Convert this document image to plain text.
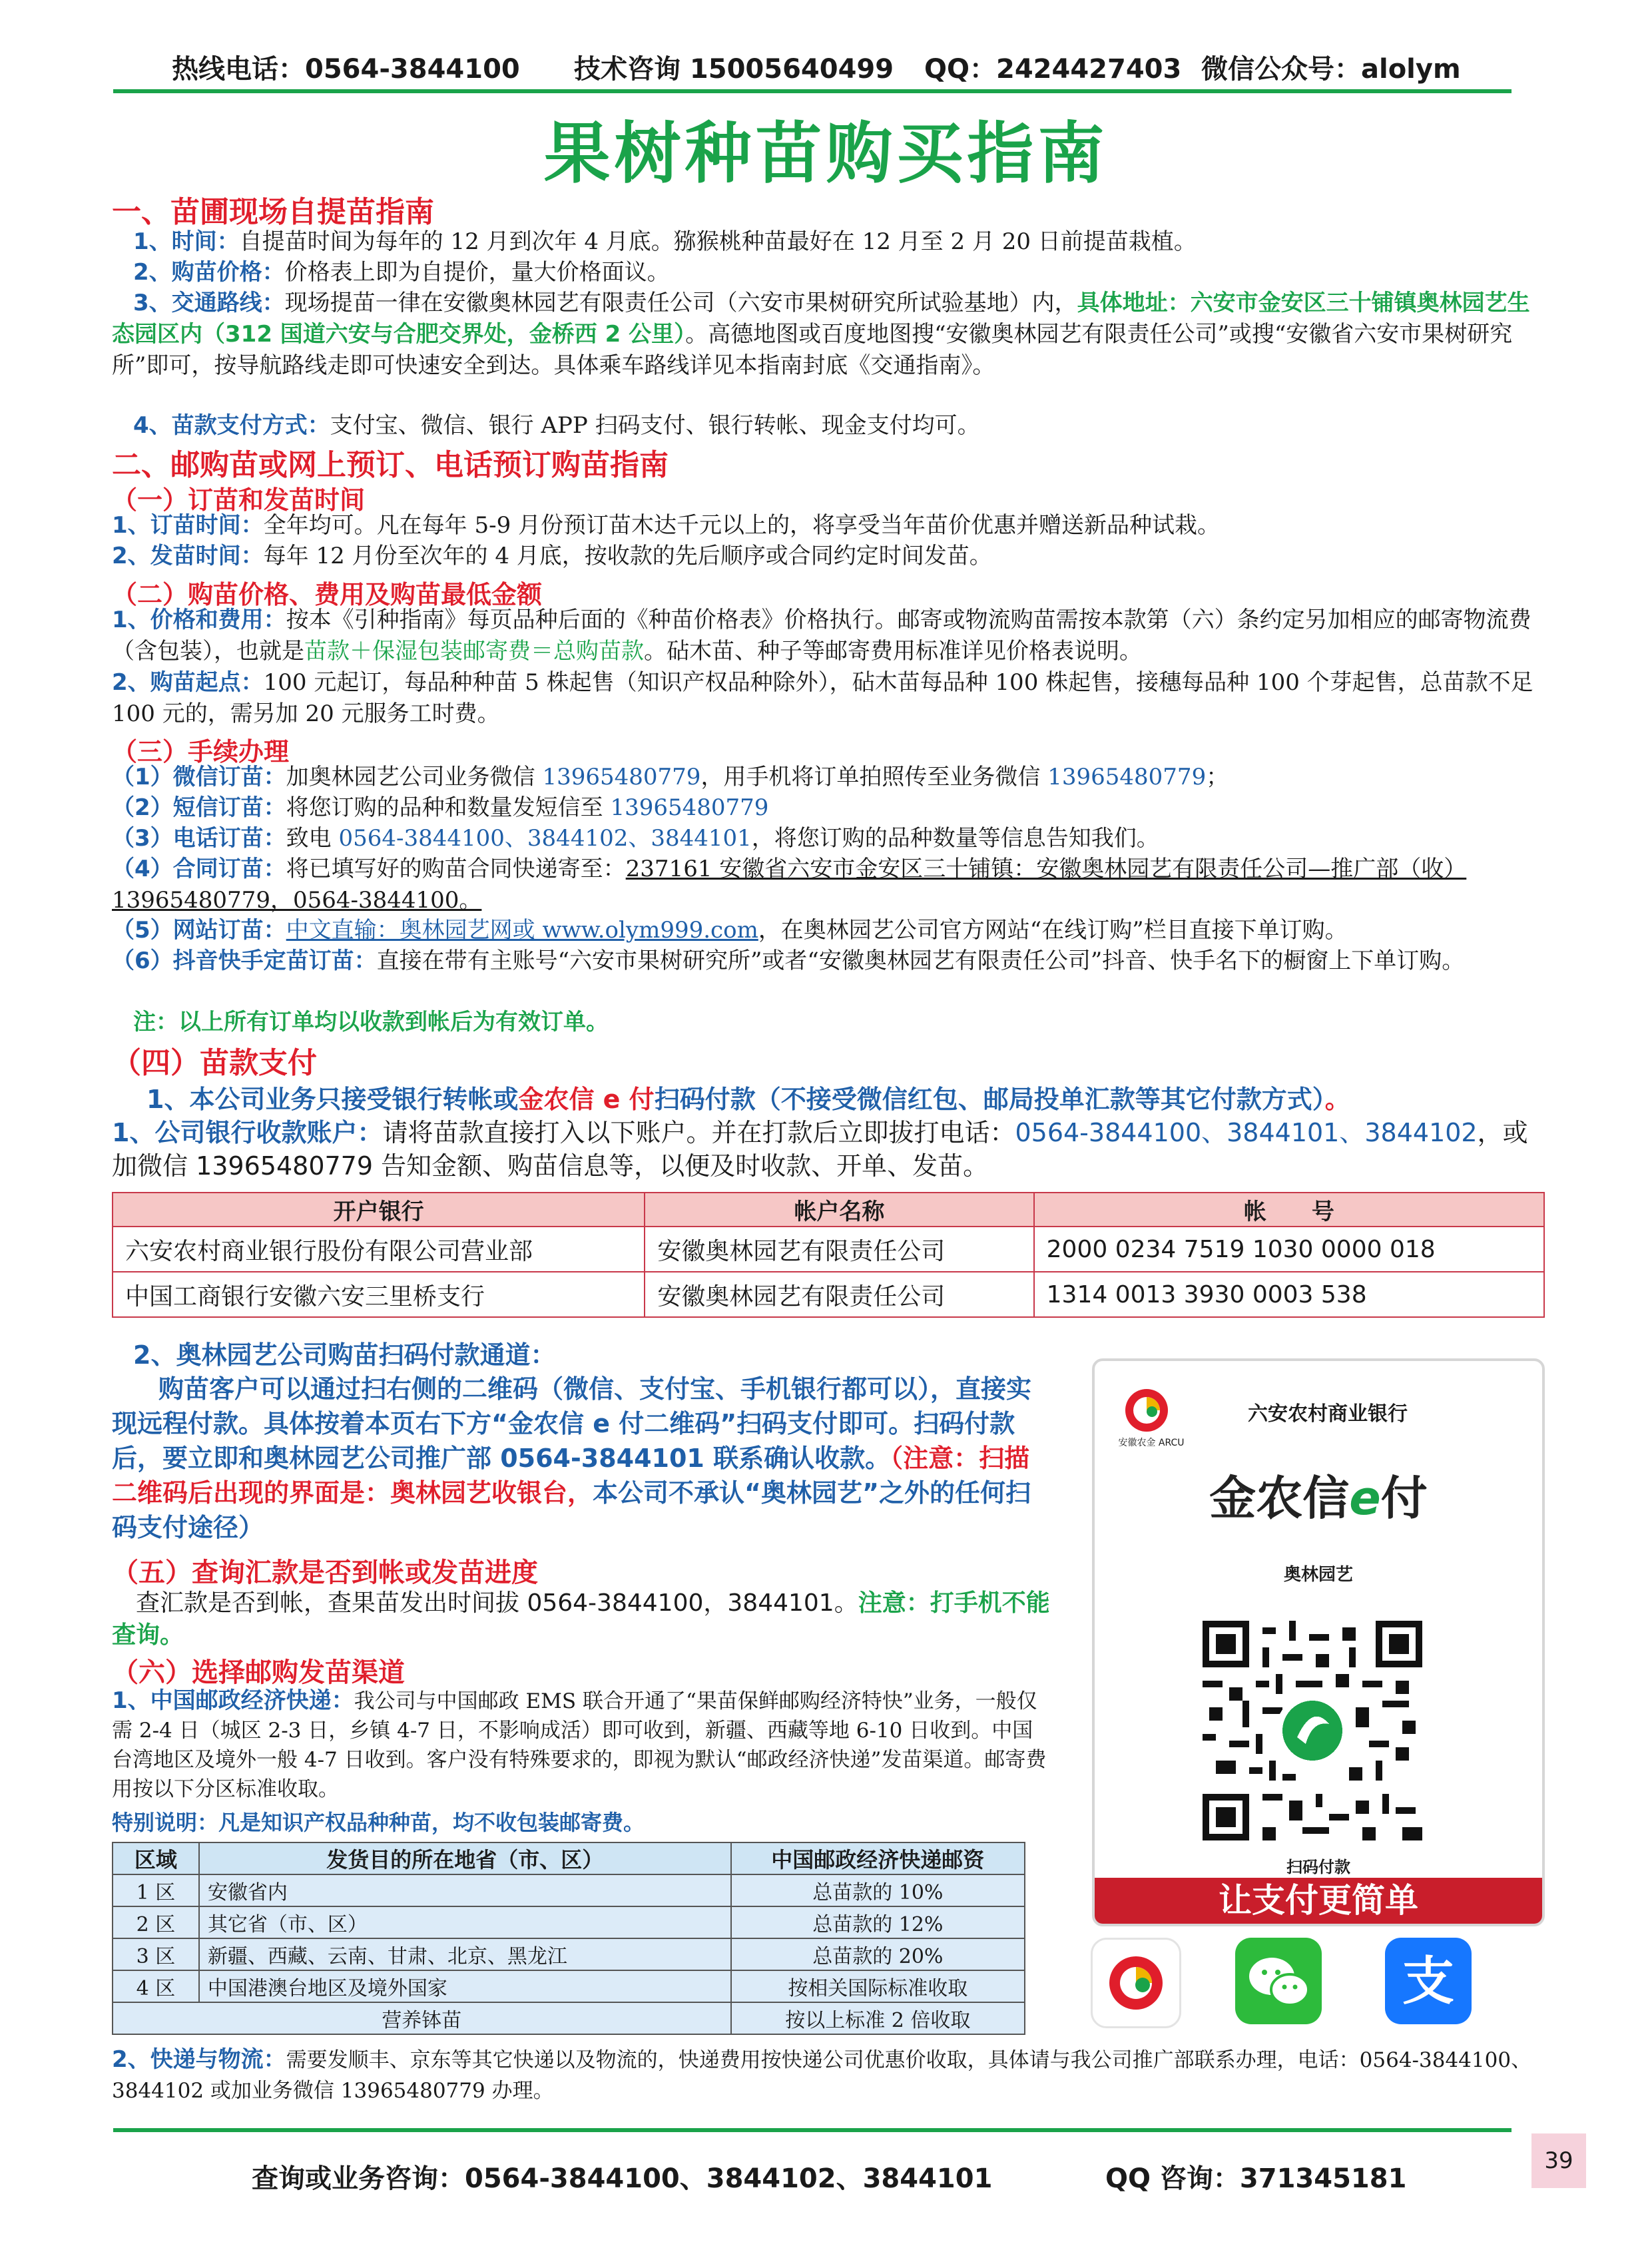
热线电话：0564-3844100 技术咨询 15005640499 QQ：2424427403 微信公众号：alolym
果树种苗购买指南
一、苗圃现场自提苗指南
1、时间：自提苗时间为每年的 12 月到次年 4 月底。猕猴桃种苗最好在 12 月至 2 月 20 日前提苗栽植。
2、购苗价格：价格表上即为自提价，量大价格面议。
3、交通路线：现场提苗一律在安徽奥林园艺有限责任公司（六安市果树研究所试验基地）内，具体地址：六安市金安区三十铺镇奥林园艺生态园区内（312 国道六安与合肥交界处，金桥西 2 公里）。高德地图或百度地图搜“安徽奥林园艺有限责任公司”或搜“安徽省六安市果树研究所”即可，按导航路线走即可快速安全到达。具体乘车路线详见本指南封底《交通指南》。
4、苗款支付方式：支付宝、微信、银行 APP 扫码支付、银行转帐、现金支付均可。
二、邮购苗或网上预订、电话预订购苗指南
（一）订苗和发苗时间
1、订苗时间：全年均可。凡在每年 5-9 月份预订苗木达千元以上的，将享受当年苗价优惠并赠送新品种试栽。
2、发苗时间：每年 12 月份至次年的 4 月底，按收款的先后顺序或合同约定时间发苗。
（二）购苗价格、费用及购苗最低金额
1、价格和费用：按本《引种指南》每页品种后面的《种苗价格表》价格执行。邮寄或物流购苗需按本款第（六）条约定另加相应的邮寄物流费（含包装），也就是苗款＋保湿包装邮寄费＝总购苗款。砧木苗、种子等邮寄费用标准详见价格表说明。
2、购苗起点：100 元起订，每品种种苗 5 株起售（知识产权品种除外），砧木苗每品种 100 株起售，接穗每品种 100 个芽起售，总苗款不足 100 元的，需另加 20 元服务工时费。
（三）手续办理
（1）微信订苗：加奥林园艺公司业务微信 13965480779，用手机将订单拍照传至业务微信 13965480779；
（2）短信订苗：将您订购的品种和数量发短信至 13965480779
（3）电话订苗：致电 0564-3844100、3844102、3844101，将您订购的品种数量等信息告知我们。
（4）合同订苗：将已填写好的购苗合同快递寄至：237161 安徽省六安市金安区三十铺镇：安徽奥林园艺有限责任公司—推广部（收）13965480779，0564-3844100。
（5）网站订苗：中文直输：奥林园艺网或 www.olym999.com，在奥林园艺公司官方网站“在线订购”栏目直接下单订购。
（6）抖音快手定苗订苗：直接在带有主账号“六安市果树研究所”或者“安徽奥林园艺有限责任公司”抖音、快手名下的橱窗上下单订购。
注：以上所有订单均以收款到帐后为有效订单。
（四）苗款支付
1、本公司业务只接受银行转帐或金农信 e 付扫码付款（不接受微信红包、邮局投单汇款等其它付款方式）。
1、公司银行收款账户：请将苗款直接打入以下账户。并在打款后立即拔打电话：0564-3844100、3844101、3844102，或加微信 13965480779 告知金额、购苗信息等，以便及时收款、开单、发苗。
开户银行	帐户名称	帐　　号
六安农村商业银行股份有限公司营业部	安徽奥林园艺有限责任公司	2000 0234 7519 1030 0000 018
中国工商银行安徽六安三里桥支行	安徽奥林园艺有限责任公司	1314 0013 3930 0003 538
2、奥林园艺公司购苗扫码付款通道：
购苗客户可以通过扫右侧的二维码（微信、支付宝、手机银行都可以），直接实现远程付款。具体按着本页右下方“金农信 e 付二维码”扫码支付即可。扫码付款后，要立即和奥林园艺公司推广部 0564-3844101 联系确认收款。（注意：扫描二维码后出现的界面是：奥林园艺收银台，本公司不承认“奥林园艺”之外的任何扫码支付途径）
（五）查询汇款是否到帐或发苗进度
查汇款是否到帐，查果苗发出时间拔 0564-3844100，3844101。注意：打手机不能查询。
（六）选择邮购发苗渠道
1、中国邮政经济快递：我公司与中国邮政 EMS 联合开通了“果苗保鲜邮购经济特快”业务，一般仅需 2-4 日（城区 2-3 日，乡镇 4-7 日，不影响成活）即可收到，新疆、西藏等地 6-10 日收到。中国台湾地区及境外一般 4-7 日收到。客户没有特殊要求的，即视为默认“邮政经济快递”发苗渠道。邮寄费用按以下分区标准收取。
特别说明：凡是知识产权品种种苗，均不收包装邮寄费。
区域	发货目的所在地省（市、区）	中国邮政经济快递邮资
1 区	安徽省内	总苗款的 10%
2 区	其它省（市、区）	总苗款的 12%
3 区	新疆、西藏、云南、甘肃、北京、黑龙江	总苗款的 20%
4 区	中国港澳台地区及境外国家	按相关国际标准收取
营养钵苗		按以上标准 2 倍收取
2、快递与物流：需要发顺丰、京东等其它快递以及物流的，快递费用按快递公司优惠价收取，具体请与我公司推广部联系办理，电话：0564-3844100、3844102 或加业务微信 13965480779 办理。
安徽农金 ARCU
六安农村商业银行
金农信e付
奥林园艺
扫码付款
让支付更简单
支
查询或业务咨询：0564-3844100、3844102、3844101	QQ 咨询：371345181
39
